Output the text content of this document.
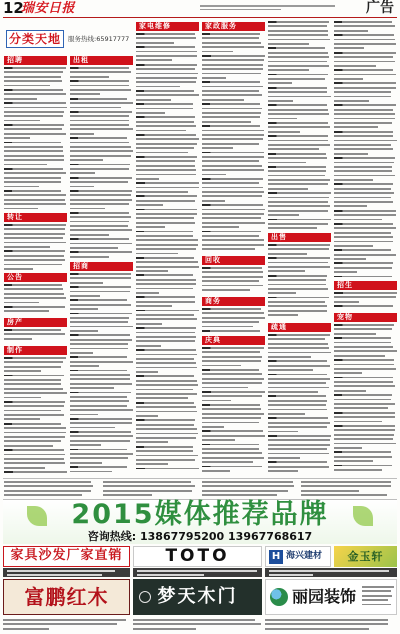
12
瑞安日报	广告
分类天地	服务热线:65917777
招聘
转让
公告
房产
制作
出租
招商
家电维修	家政服务
回收
商务
庆典
出售
疏通
招生
宠物
2015媒体推荐品牌
咨询热线: 13867795200 13967768617
家具沙发厂家直销	TOTO	H 海兴建材	金玉轩
富鹏红木	梦天木门	丽园装饰
